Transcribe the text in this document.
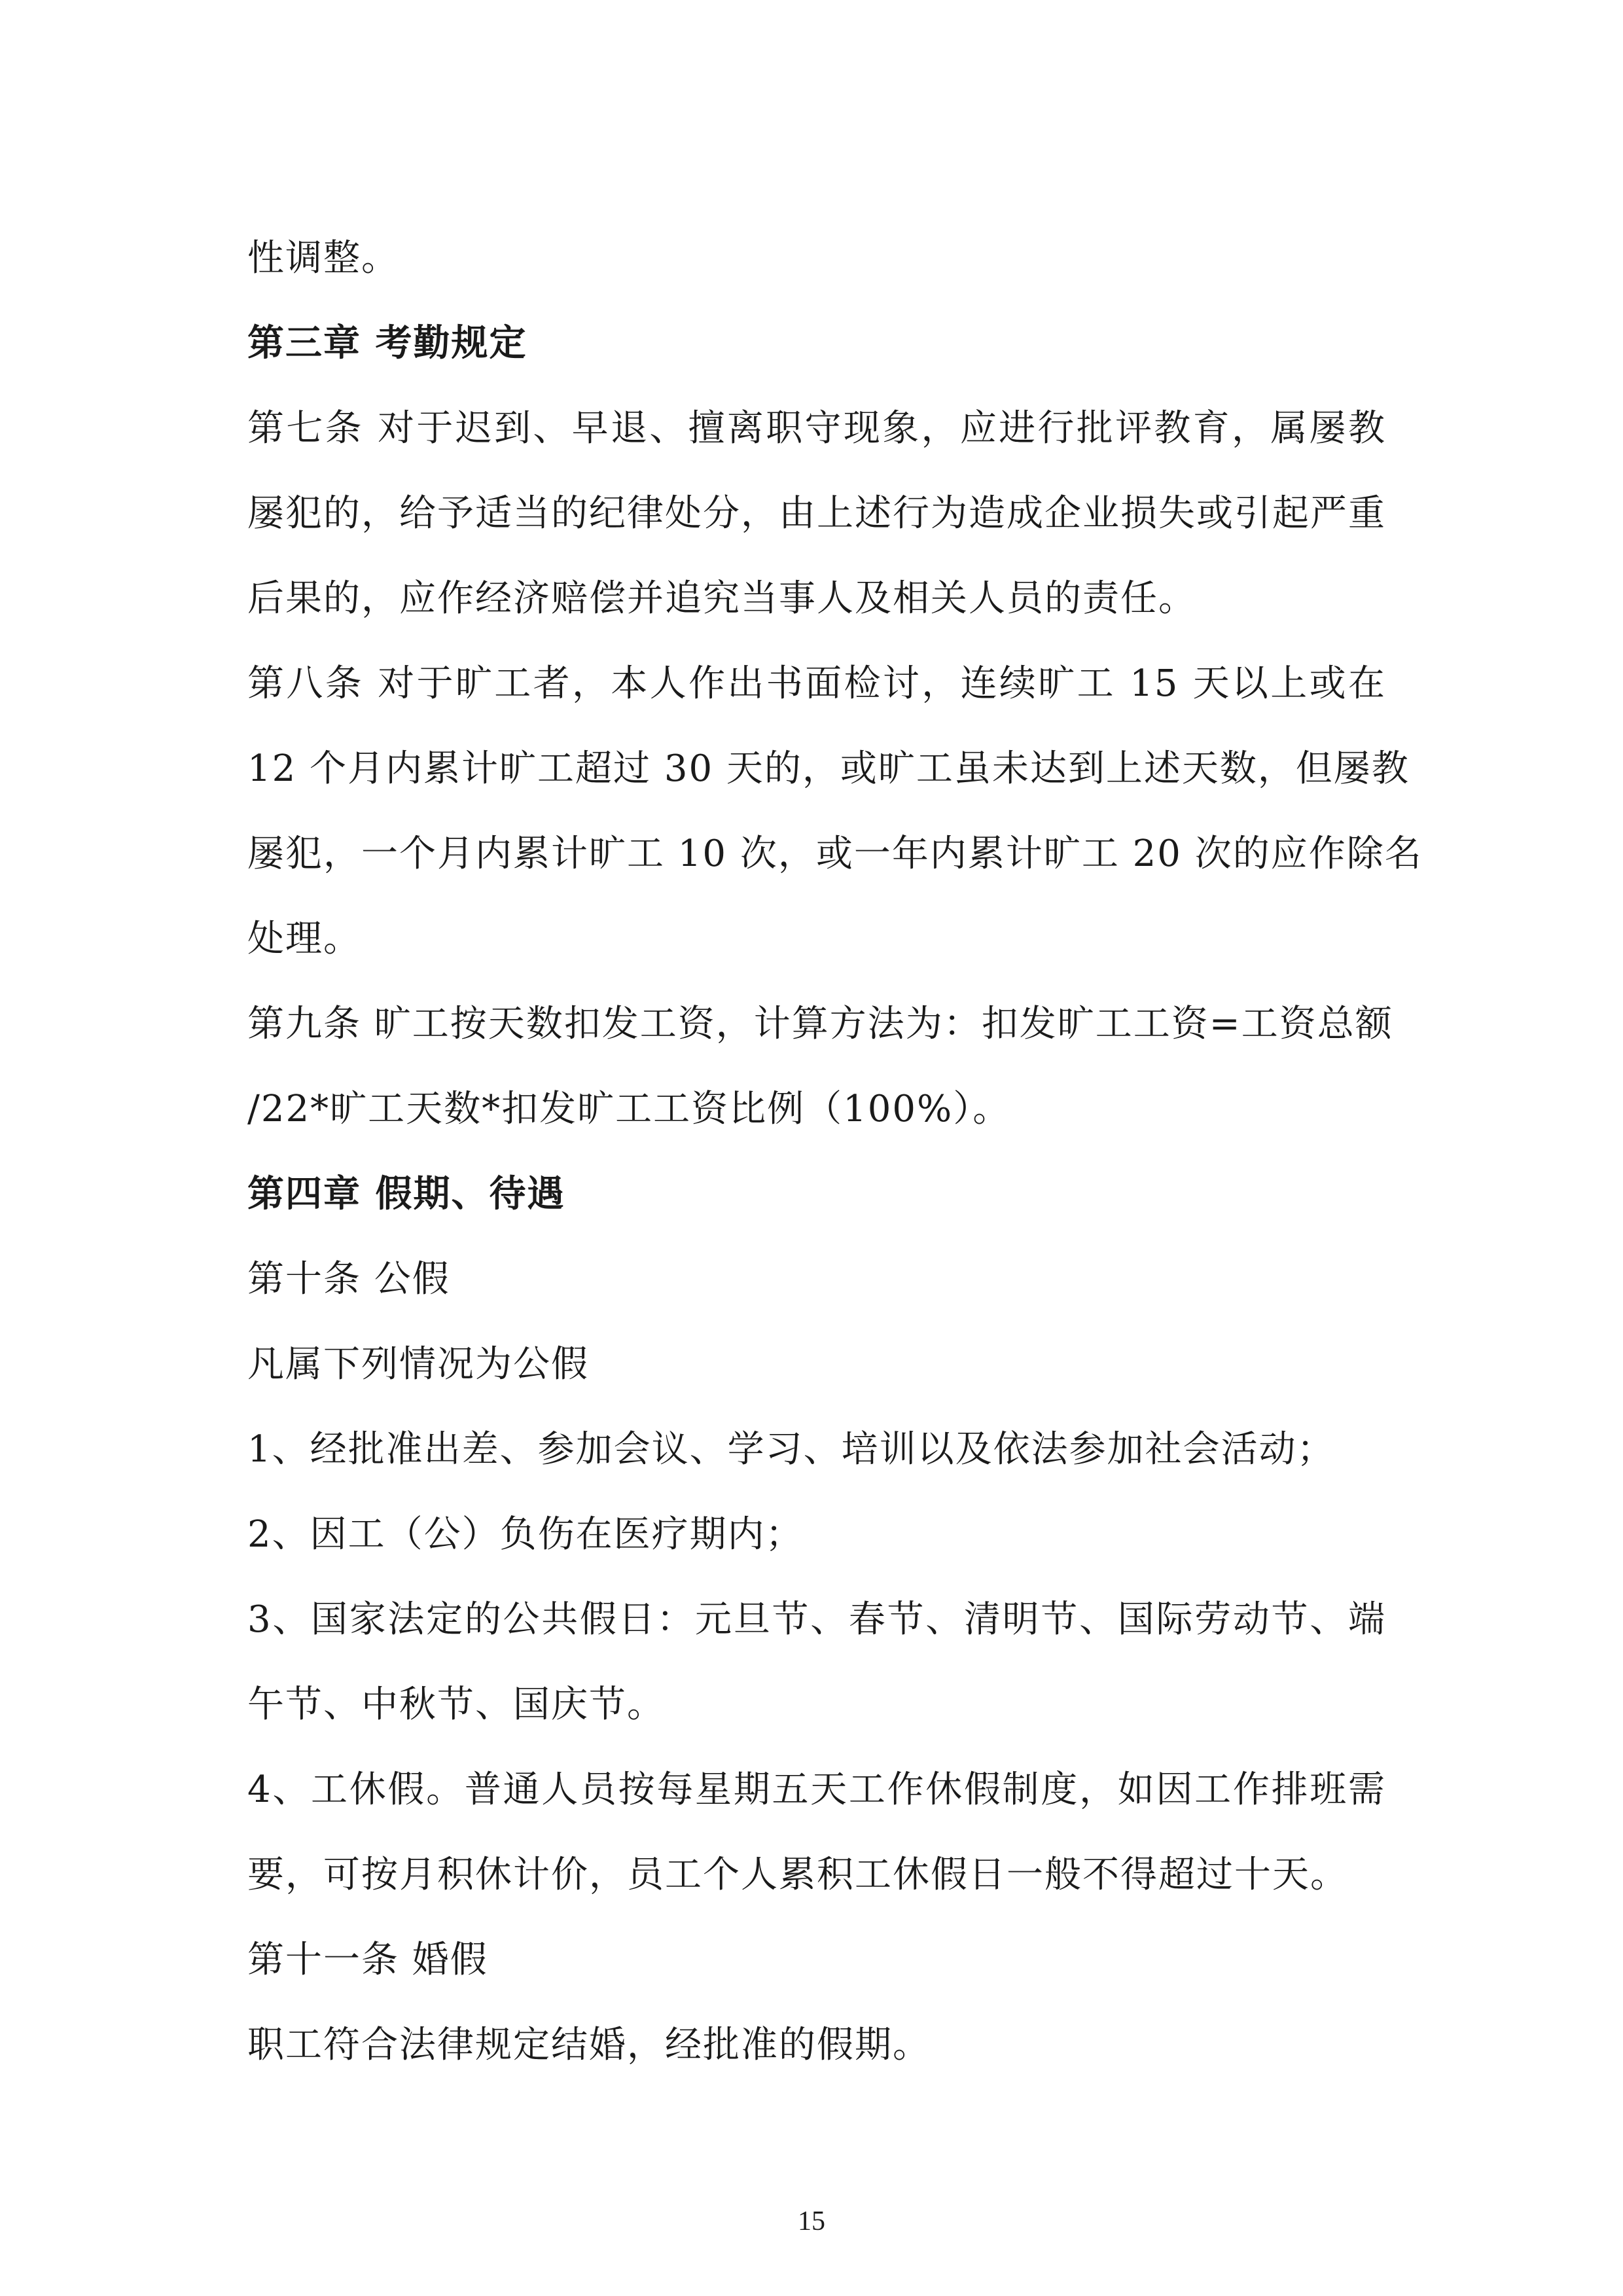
性调整。

第三章 考勤规定

第七条 对于迟到、早退、擅离职守现象，应进行批评教育，属屡教

屡犯的，给予适当的纪律处分，由上述行为造成企业损失或引起严重

后果的，应作经济赔偿并追究当事人及相关人员的责任。

第八条 对于旷工者，本人作出书面检讨，连续旷工 15 天以上或在

12 个月内累计旷工超过 30 天的，或旷工虽未达到上述天数，但屡教

屡犯，一个月内累计旷工 10 次，或一年内累计旷工 20 次的应作除名

处理。

第九条 旷工按天数扣发工资，计算方法为：扣发旷工工资=工资总额

/22*旷工天数*扣发旷工工资比例（100%）。

第四章 假期、待遇

第十条 公假

凡属下列情况为公假

1、经批准出差、参加会议、学习、培训以及依法参加社会活动；

2、因工（公）负伤在医疗期内；

3、国家法定的公共假日：元旦节、春节、清明节、国际劳动节、端

午节、中秋节、国庆节。

4、工休假。普通人员按每星期五天工作休假制度，如因工作排班需

要，可按月积休计价，员工个人累积工休假日一般不得超过十天。

第十一条 婚假

职工符合法律规定结婚，经批准的假期。

15
